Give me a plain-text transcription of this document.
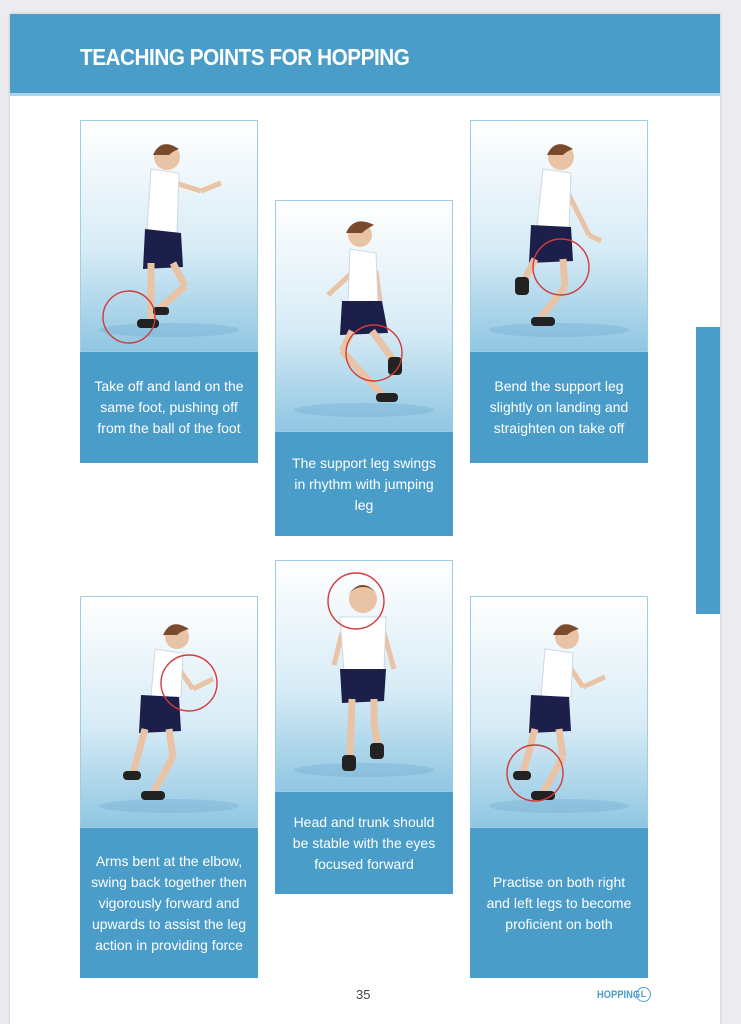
TEACHING POINTS FOR HOPPING
Take off and land on the same foot, pushing off from the ball of the foot
The support leg swings in rhythm with jumping leg
Bend the support leg slightly on landing and straighten on take off
Arms bent at the elbow, swing back together then vigorously forward and upwards to assist the leg action in providing force
Head and trunk should be stable with the eyes focused forward
Practise on both right and left legs to become proficient on both
35	HOPPING L
